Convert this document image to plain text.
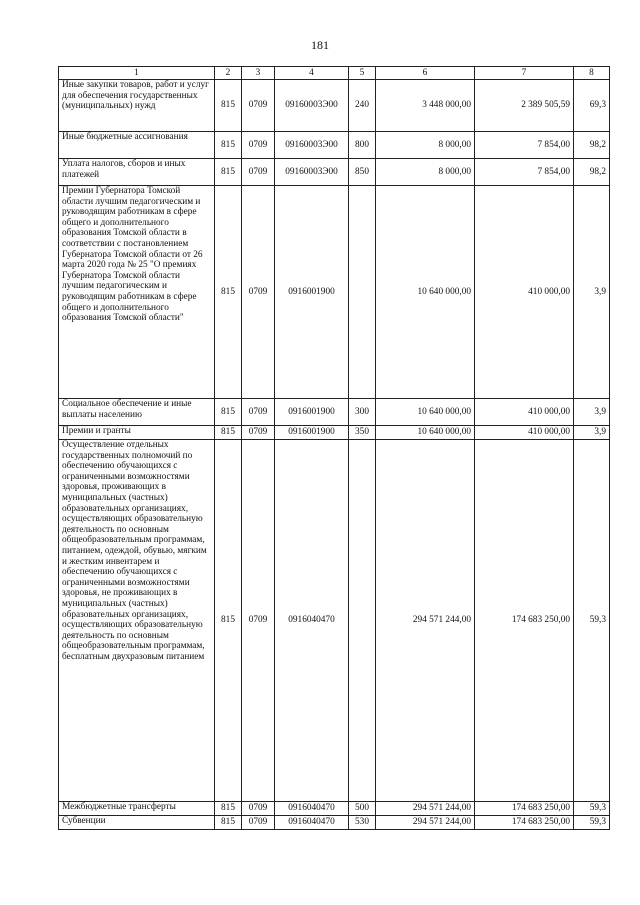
181
1	2	3	4	5	6	7	8
Иные закупки товаров, работ и услуг для обеспечения государственных (муниципальных) нужд	815	0709	09160003Э00	240	3 448 000,00	2 389 505,59	69,3
Иные бюджетные ассигнования	815	0709	09160003Э00	800	8 000,00	7 854,00	98,2
Уплата налогов, сборов и иных платежей	815	0709	09160003Э00	850	8 000,00	7 854,00	98,2
Премии Губернатора Томской области лучшим педагогическим и руководящим работникам в сфере общего и дополнительного образования Томской области в соответствии с постановлением Губернатора Томской области от 26 марта 2020 года № 25 "О премиях Губернатора Томской области лучшим педагогическим и руководящим работникам в сфере общего и дополнительного образования Томской области"	815	0709	0916001900		10 640 000,00	410 000,00	3,9
Социальное обеспечение и иные выплаты населению	815	0709	0916001900	300	10 640 000,00	410 000,00	3,9
Премии и гранты	815	0709	0916001900	350	10 640 000,00	410 000,00	3,9
Осуществление отдельных государственных полномочий по обеспечению обучающихся с ограниченными возможностями здоровья, проживающих в муниципальных (частных) образовательных организациях, осуществляющих образовательную деятельность по основным общеобразовательным программам, питанием, одеждой, обувью, мягким и жестким инвентарем и обеспечению обучающихся с ограниченными возможностями здоровья, не проживающих в муниципальных (частных) образовательных организациях, осуществляющих образовательную деятельность по основным общеобразовательным программам, бесплатным двухразовым питанием	815	0709	0916040470		294 571 244,00	174 683 250,00	59,3
Межбюджетные трансферты	815	0709	0916040470	500	294 571 244,00	174 683 250,00	59,3
Субвенции	815	0709	0916040470	530	294 571 244,00	174 683 250,00	59,3
